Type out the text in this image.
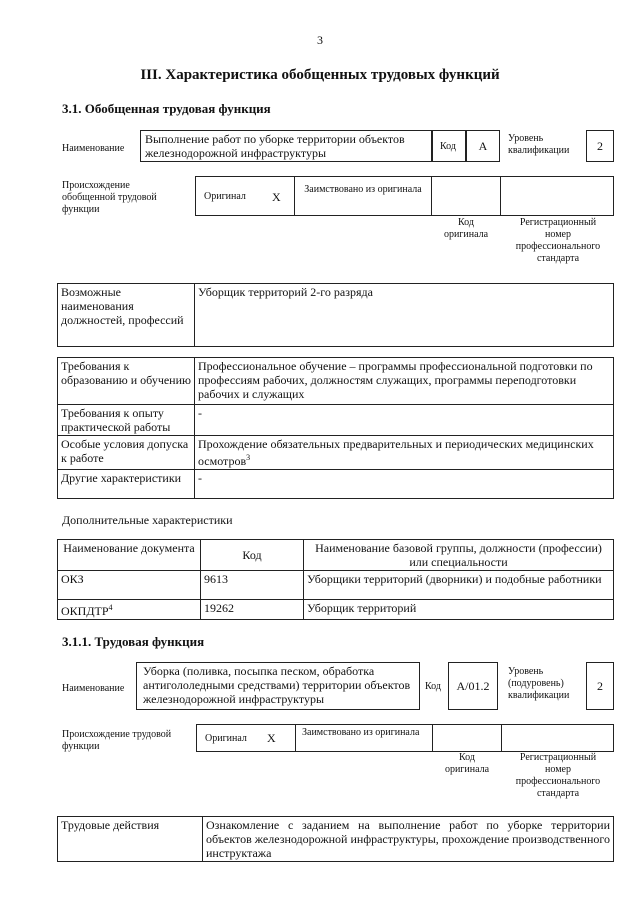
3
III. Характеристика обобщенных трудовых функций
3.1. Обобщенная трудовая функция
Наименование
Выполнение работ по уборке территории объектов железнодорожной инфраструктуры	Код	A
Уровень квалификации	2
Происхождение обобщенной трудовой функции
Оригинал X
Заимствовано из оригинала
Код оригинала
Регистрационный номер профессионального стандарта
Возможные наименования должностей, профессий	Уборщик территорий 2-го разряда
Требования к образованию и обучению	Профессиональное обучение – программы профессиональной подготовки по профессиям рабочих, должностям служащих, программы переподготовки рабочих и служащих
Требования к опыту практической работы	-
Особые условия допуска к работе	Прохождение обязательных предварительных и периодических медицинских осмотров$^3$
Другие характеристики	-
Дополнительные характеристики
Наименование документа	Код	Наименование базовой группы, должности (профессии) или специальности
ОКЗ	9613	Уборщики территорий (дворники) и подобные работники
ОКПДТР$^4$	19262	Уборщик территорий
3.1.1. Трудовая функция
Наименование
Уборка (поливка, посыпка песком, обработка антигололедными средствами) территории объектов железнодорожной инфраструктуры
Код	A/01.2
Уровень (подуровень) квалификации
2
Происхождение трудовой функции
Оригинал X	Заимствовано из оригинала
Код оригинала
Регистрационный номер профессионального стандарта
Трудовые действия	Ознакомление с заданием на выполнение работ по уборке территории объектов железнодорожной инфраструктуры, прохождение производственного инструктажа
